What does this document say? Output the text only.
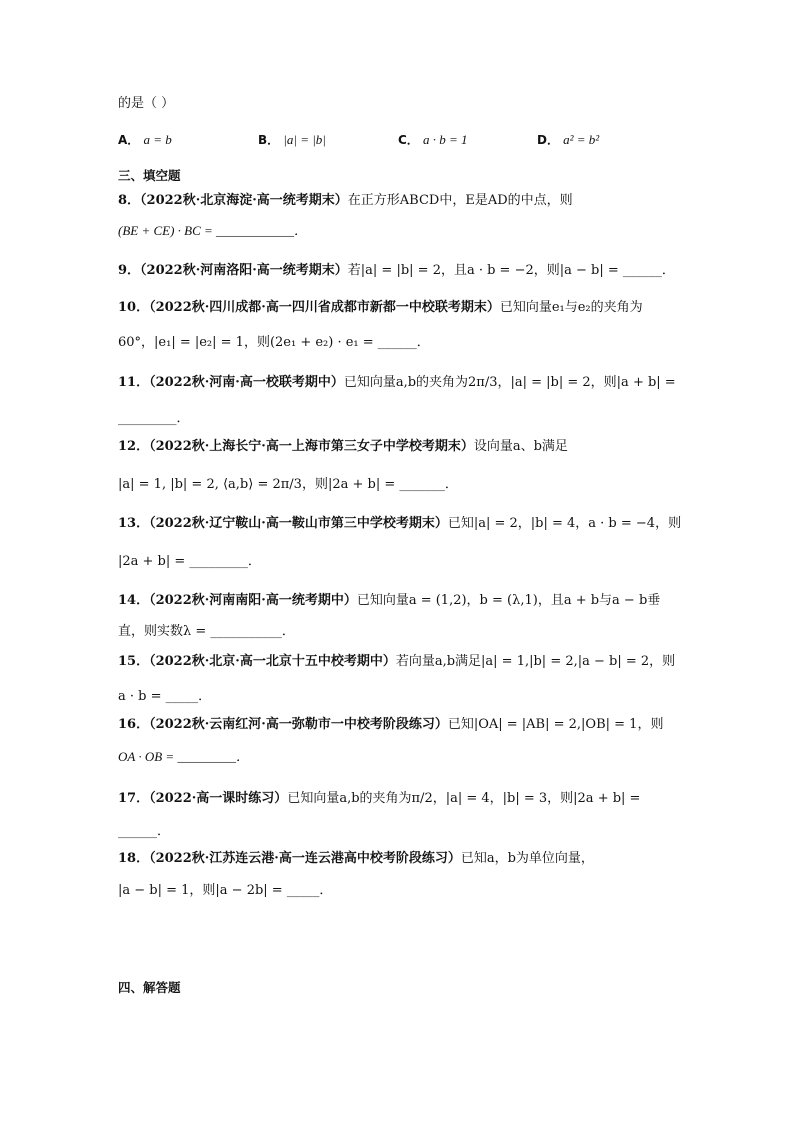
的是（ ）
A． a = b	B． |a| = |b|	C． a · b = 1	D． a² = b²
三、填空题
8．（2022秋·北京海淀·高一统考期末）在正方形ABCD中，E是AD的中点，则
(BE + CE) · BC = ____________．
9．（2022秋·河南洛阳·高一统考期末）若|a| = |b| = 2，且a · b = −2，则|a − b| = ______．
10．（2022秋·四川成都·高一四川省成都市新都一中校联考期末）已知向量e₁与e₂的夹角为
60°，|e₁| = |e₂| = 1，则(2e₁ + e₂) · e₁ = ______．
11．（2022秋·河南·高一校联考期中）已知向量a,b的夹角为2π/3，|a| = |b| = 2，则|a + b| =
_________．
12．（2022秋·上海长宁·高一上海市第三女子中学校考期末）设向量a、b满足
|a| = 1, |b| = 2, ⟨a,b⟩ = 2π/3，则|2a + b| = _______．
13．（2022秋·辽宁鞍山·高一鞍山市第三中学校考期末）已知|a| = 2，|b| = 4，a · b = −4，则
|2a + b| = _________．
14．（2022秋·河南南阳·高一统考期中）已知向量a = (1,2)，b = (λ,1)，且a + b与a − b垂
直，则实数λ = ___________．
15．（2022秋·北京·高一北京十五中校考期中）若向量a,b满足|a| = 1,|b| = 2,|a − b| = 2，则
a · b = _____．
16．（2022秋·云南红河·高一弥勒市一中校考阶段练习）已知|OA| = |AB| = 2,|OB| = 1，则
OA · OB = _________．
17．（2022·高一课时练习）已知向量a,b的夹角为π/2，|a| = 4，|b| = 3，则|2a + b| =
______．
18．（2022秋·江苏连云港·高一连云港高中校考阶段练习）已知a，b为单位向量，
|a − b| = 1，则|a − 2b| = _____．
四、解答题
